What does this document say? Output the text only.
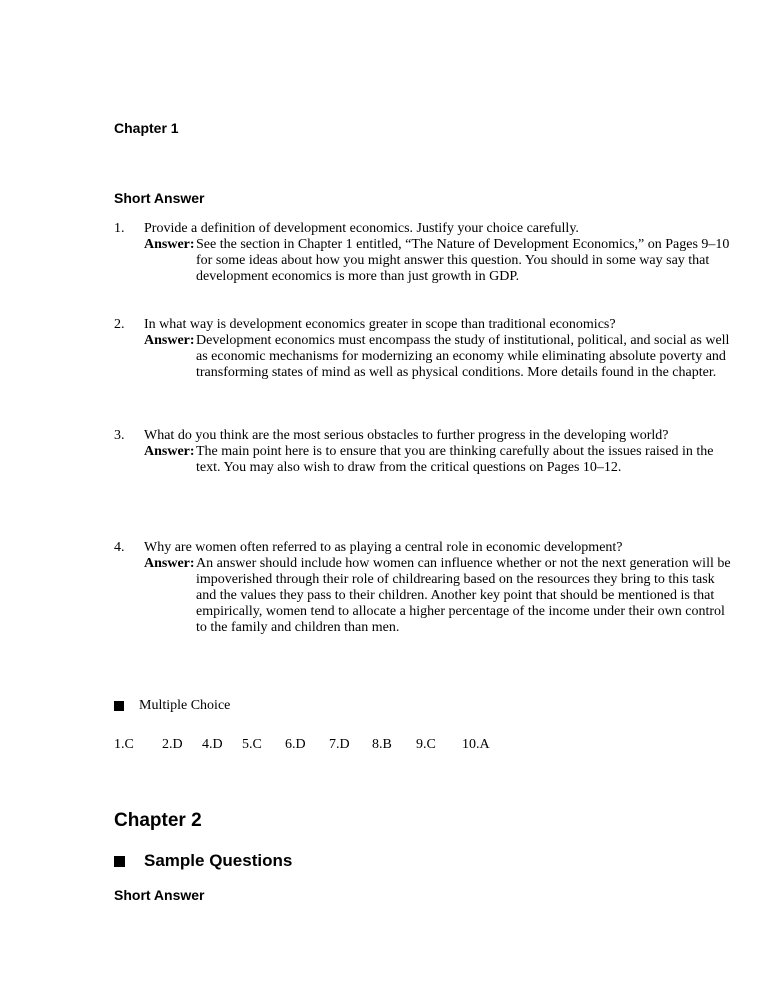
Chapter 1
Short Answer
1.	Provide a definition of development economics. Justify your choice carefully.
Answer: See the section in Chapter 1 entitled, “The Nature of Development Economics,” on Pages 9–10 for some ideas about how you might answer this question. You should in some way say that development economics is more than just growth in GDP.
2.	In what way is development economics greater in scope than traditional economics?
Answer: Development economics must encompass the study of institutional, political, and social as well as economic mechanisms for modernizing an economy while eliminating absolute poverty and transforming states of mind as well as physical conditions. More details found in the chapter.
3.	What do you think are the most serious obstacles to further progress in the developing world?
Answer: The main point here is to ensure that you are thinking carefully about the issues raised in the text. You may also wish to draw from the critical questions on Pages 10–12.
4.	Why are women often referred to as playing a central role in economic development?
Answer: An answer should include how women can influence whether or not the next generation will be impoverished through their role of childrearing based on the resources they bring to this task and the values they pass to their children. Another key point that should be mentioned is that empirically, women tend to allocate a higher percentage of the income under their own control to the family and children than men.
Multiple Choice
1.C 2.D 4.D 5.C 6.D 7.D 8.B 9.C 10.A
Chapter 2
Sample Questions
Short Answer
